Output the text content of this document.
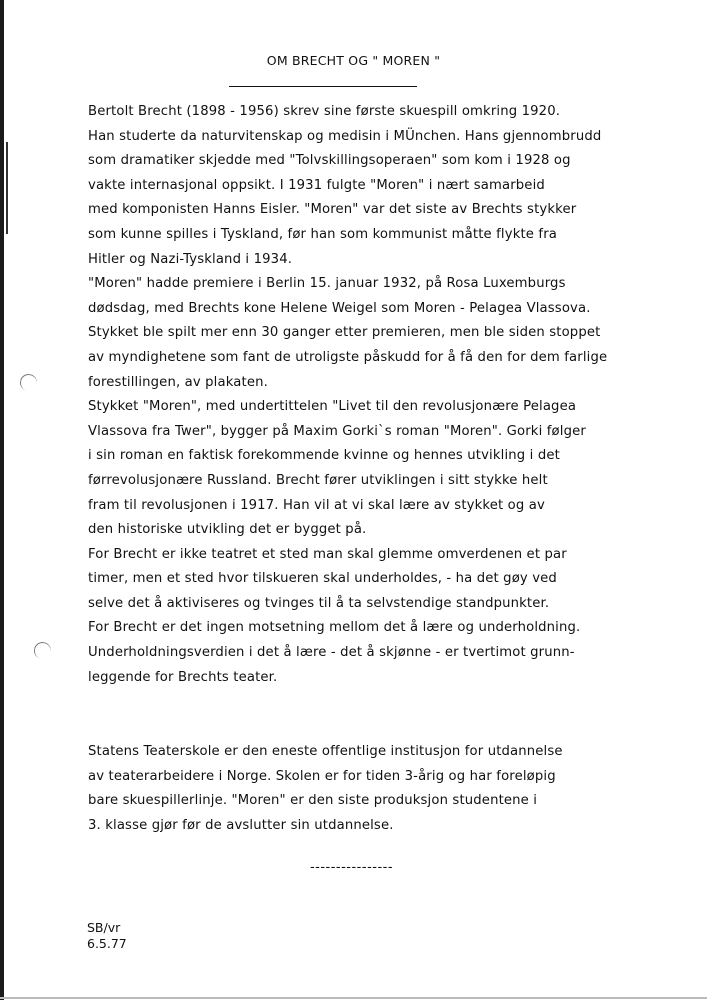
OM BRECHT OG " MOREN "
Bertolt Brecht (1898 - 1956) skrev sine første skuespill omkring 1920.
Han studerte da naturvitenskap og medisin i MÜnchen. Hans gjennombrudd
som dramatiker skjedde med "Tolvskillingsoperaen" som kom i 1928 og
vakte internasjonal oppsikt. I 1931 fulgte "Moren" i nært samarbeid
med komponisten Hanns Eisler. "Moren" var det siste av Brechts stykker
som kunne spilles i Tyskland, før han som kommunist måtte flykte fra
Hitler og Nazi-Tyskland i 1934.
"Moren" hadde premiere i Berlin 15. januar 1932, på Rosa Luxemburgs
dødsdag, med Brechts kone Helene Weigel som Moren - Pelagea Vlassova.
Stykket ble spilt mer enn 30 ganger etter premieren, men ble siden stoppet
av myndighetene som fant de utroligste påskudd for å få den for dem farlige
forestillingen, av plakaten.
Stykket "Moren", med undertittelen "Livet til den revolusjonære Pelagea
Vlassova fra Twer", bygger på Maxim Gorki`s roman "Moren". Gorki følger
i sin roman en faktisk forekommende kvinne og hennes utvikling i det
førrevolusjonære Russland. Brecht fører utviklingen i sitt stykke helt
fram til revolusjonen i 1917. Han vil at vi skal lære av stykket og av
den historiske utvikling det er bygget på.
For Brecht er ikke teatret et sted man skal glemme omverdenen et par
timer, men et sted hvor tilskueren skal underholdes, - ha det gøy ved
selve det å aktiviseres og tvinges til å ta selvstendige standpunkter.
For Brecht er det ingen motsetning mellom det å lære og underholdning.
Underholdningsverdien i det å lære - det å skjønne - er tvertimot grunn-
leggende for Brechts teater.
Statens Teaterskole er den eneste offentlige institusjon for utdannelse
av teaterarbeidere i Norge. Skolen er for tiden 3-årig og har foreløpig
bare skuespillerlinje. "Moren" er den siste produksjon studentene i
3. klasse gjør før de avslutter sin utdannelse.
----------------
SB/vr
6.5.77
